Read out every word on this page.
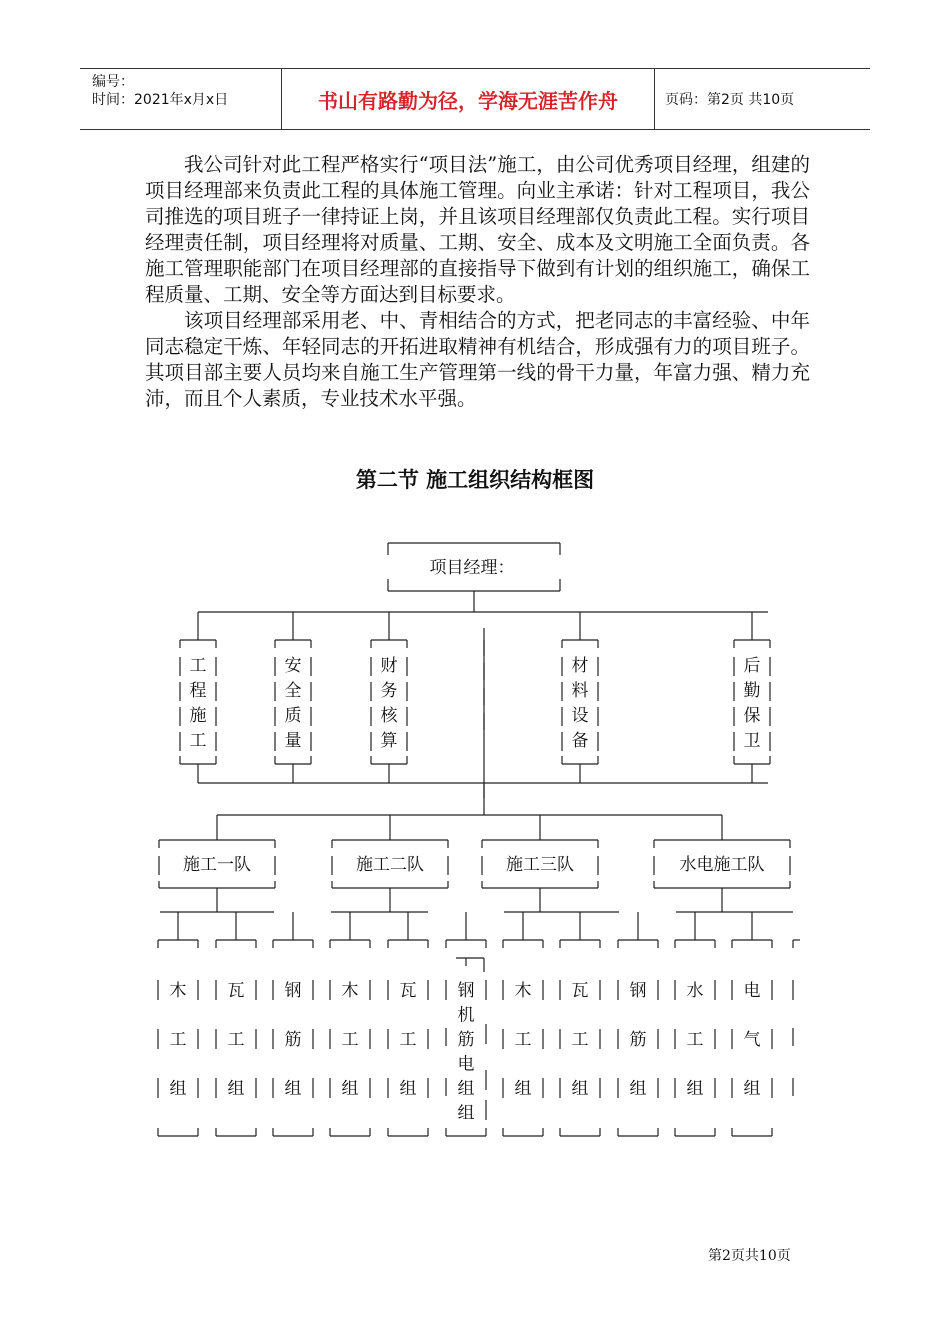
编号：
时间：2021年x月x日	书山有路勤为径，学海无涯苦作舟	页码：第2页 共10页

我公司针对此工程严格实行“项目法”施工，由公司优秀项目经理，组建的项目经理部来负责此工程的具体施工管理。向业主承诺：针对工程项目，我公司推选的项目班子一律持证上岗，并且该项目经理部仅负责此工程。实行项目经理责任制，项目经理将对质量、工期、安全、成本及文明施工全面负责。各施工管理职能部门在项目经理部的直接指导下做到有计划的组织施工，确保工程质量、工期、安全等方面达到目标要求。

该项目经理部采用老、中、青相结合的方式，把老同志的丰富经验、中年同志稳定干炼、年轻同志的开拓进取精神有机结合，形成强有力的项目班子。其项目部主要人员均来自施工生产管理第一线的骨干力量，年富力强、精力充沛，而且个人素质，专业技术水平强。

第二节 施工组织结构框图
项目经理：
工
程
施
工
安
全
质
量
财
务
核
算
材
料
设
备
后
勤
保
卫
施工一队	施工二队	施工三队	水电施工队
木
工
组
瓦
工
组
钢
筋
组
木
工
组
瓦
工
组
钢
机
筋
电
组
组
木
工
组
瓦
工
组
钢
筋
组
水
工
组
电
气
组
第2页共10页
